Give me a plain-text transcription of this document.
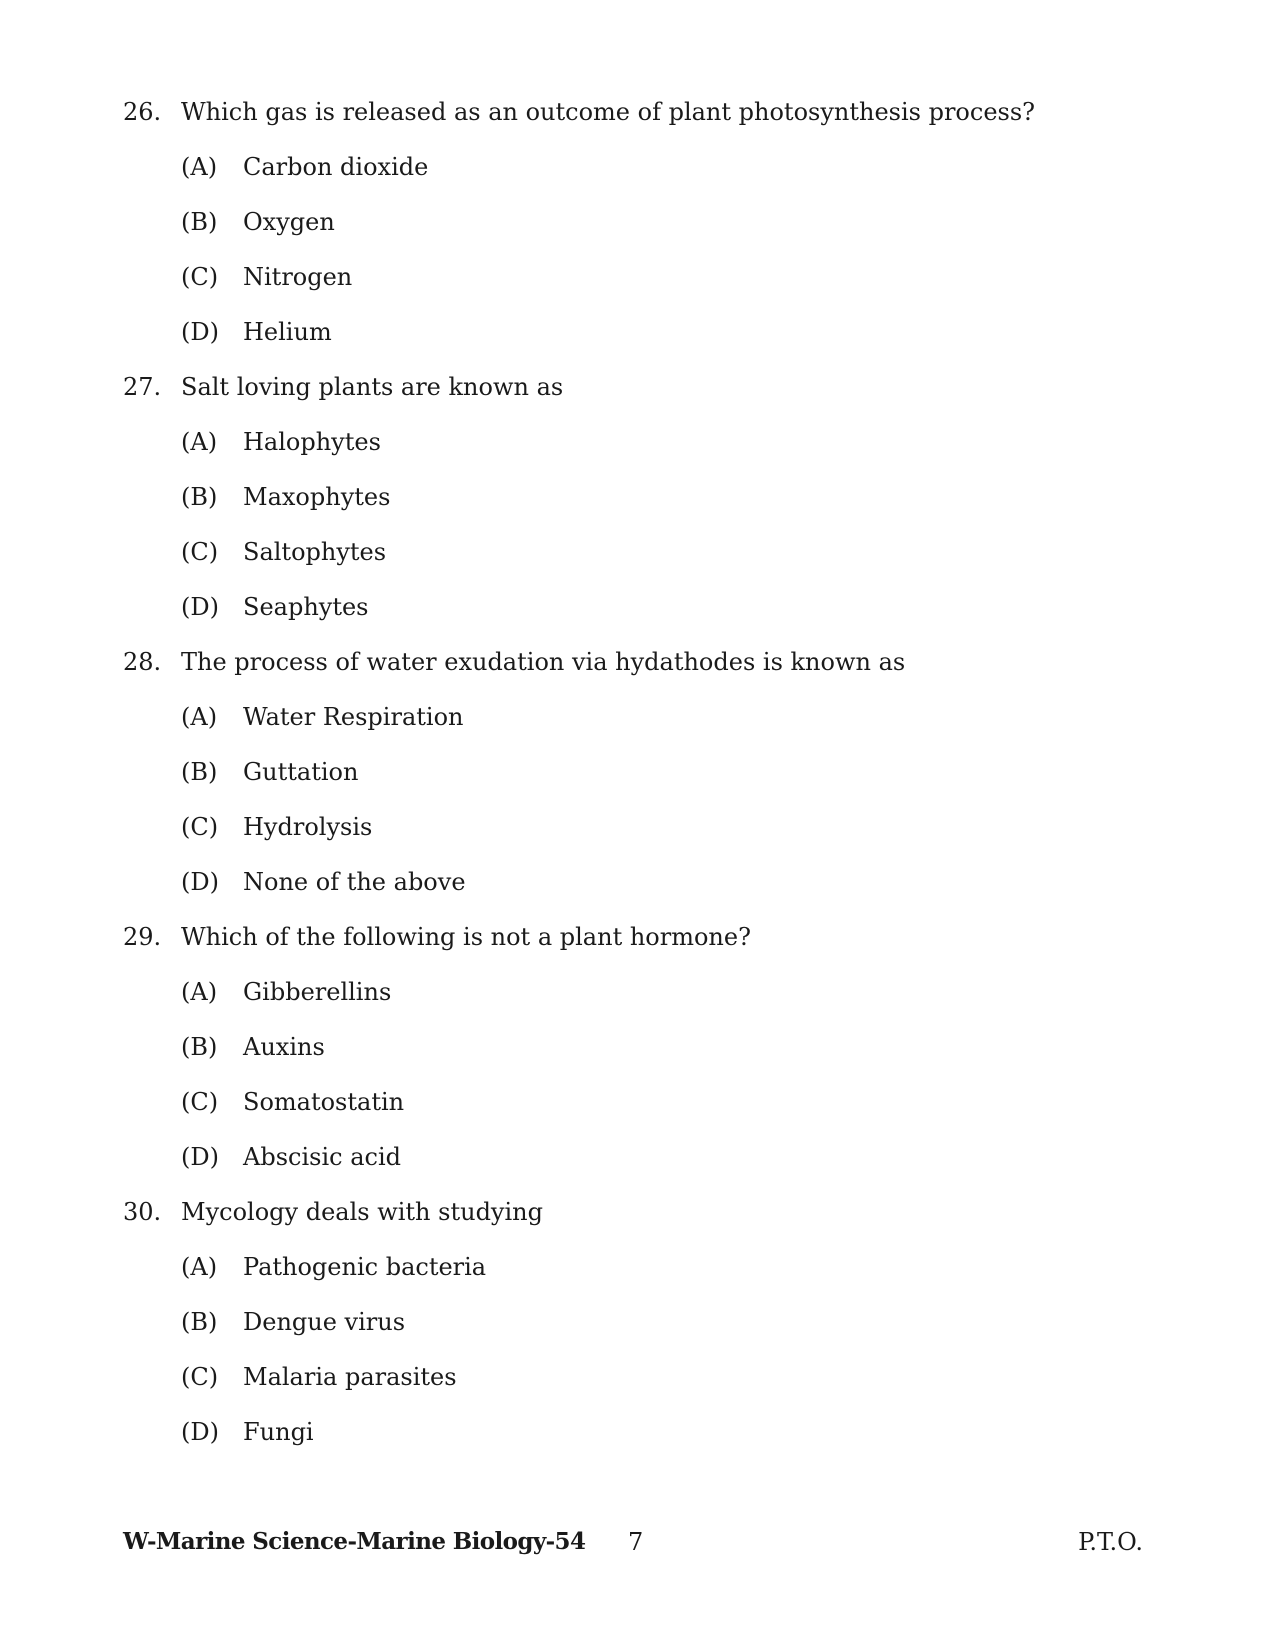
26. Which gas is released as an outcome of plant photosynthesis process?
(A)	Carbon dioxide
(B)	Oxygen
(C)	Nitrogen
(D)	Helium
27. Salt loving plants are known as
(A)	Halophytes
(B)	Maxophytes
(C)	Saltophytes
(D)	Seaphytes
28. The process of water exudation via hydathodes is known as
(A)	Water Respiration
(B)	Guttation
(C)	Hydrolysis
(D)	None of the above
29. Which of the following is not a plant hormone?
(A)	Gibberellins
(B)	Auxins
(C)	Somatostatin
(D)	Abscisic acid
30. Mycology deals with studying
(A)	Pathogenic bacteria
(B)	Dengue virus
(C)	Malaria parasites
(D)	Fungi
W-Marine Science-Marine Biology-54 7	P.T.O.
